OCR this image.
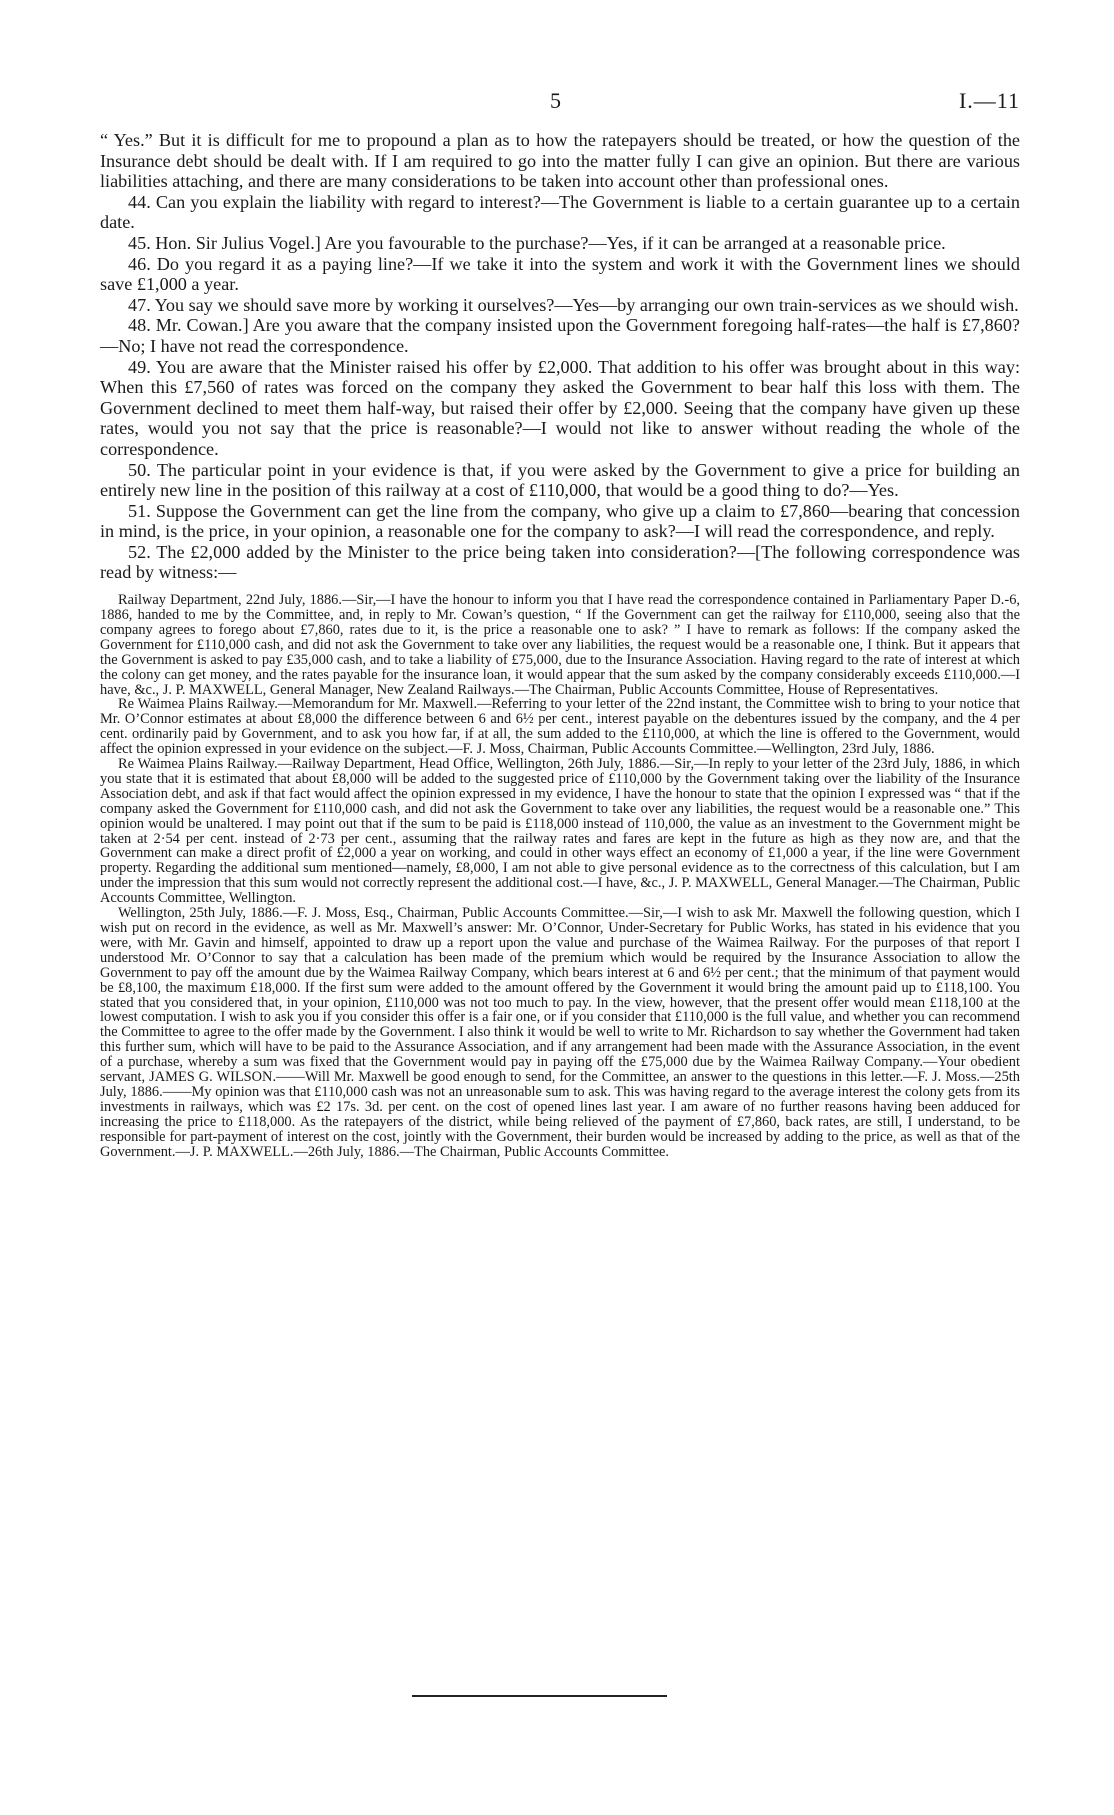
5	I.—11

“ Yes.” But it is difficult for me to propound a plan as to how the ratepayers should be treated, or how the question of the Insurance debt should be dealt with. If I am required to go into the matter fully I can give an opinion. But there are various liabilities attaching, and there are many considerations to be taken into account other than professional ones.

44. Can you explain the liability with regard to interest?—The Government is liable to a certain guarantee up to a certain date.

45. Hon. Sir Julius Vogel.] Are you favourable to the purchase?—Yes, if it can be arranged at a reasonable price.

46. Do you regard it as a paying line?—If we take it into the system and work it with the Government lines we should save £1,000 a year.

47. You say we should save more by working it ourselves?—Yes—by arranging our own train-services as we should wish.

48. Mr. Cowan.] Are you aware that the company insisted upon the Government foregoing half-rates—the half is £7,860?—No; I have not read the correspondence.

49. You are aware that the Minister raised his offer by £2,000. That addition to his offer was brought about in this way: When this £7,560 of rates was forced on the company they asked the Government to bear half this loss with them. The Government declined to meet them half-way, but raised their offer by £2,000. Seeing that the company have given up these rates, would you not say that the price is reasonable?—I would not like to answer without reading the whole of the correspondence.

50. The particular point in your evidence is that, if you were asked by the Government to give a price for building an entirely new line in the position of this railway at a cost of £110,000, that would be a good thing to do?—Yes.

51. Suppose the Government can get the line from the company, who give up a claim to £7,860—bearing that concession in mind, is the price, in your opinion, a reasonable one for the company to ask?—I will read the correspondence, and reply.

52. The £2,000 added by the Minister to the price being taken into consideration?—[The following correspondence was read by witness:—

Railway Department, 22nd July, 1886.—Sir,—I have the honour to inform you that I have read the correspondence contained in Parliamentary Paper D.-6, 1886, handed to me by the Committee, and, in reply to Mr. Cowan’s question, “ If the Government can get the railway for £110,000, seeing also that the company agrees to forego about £7,860, rates due to it, is the price a reasonable one to ask? ” I have to remark as follows: If the company asked the Government for £110,000 cash, and did not ask the Government to take over any liabilities, the request would be a reasonable one, I think. But it appears that the Government is asked to pay £35,000 cash, and to take a liability of £75,000, due to the Insurance Association. Having regard to the rate of interest at which the colony can get money, and the rates payable for the insurance loan, it would appear that the sum asked by the company considerably exceeds £110,000.—I have, &c., J. P. MAXWELL, General Manager, New Zealand Railways.—The Chairman, Public Accounts Committee, House of Representatives.

Re Waimea Plains Railway.—Memorandum for Mr. Maxwell.—Referring to your letter of the 22nd instant, the Committee wish to bring to your notice that Mr. O’Connor estimates at about £8,000 the difference between 6 and 6½ per cent., interest payable on the debentures issued by the company, and the 4 per cent. ordinarily paid by Government, and to ask you how far, if at all, the sum added to the £110,000, at which the line is offered to the Government, would affect the opinion expressed in your evidence on the subject.—F. J. Moss, Chairman, Public Accounts Committee.—Wellington, 23rd July, 1886.

Re Waimea Plains Railway.—Railway Department, Head Office, Wellington, 26th July, 1886.—Sir,—In reply to your letter of the 23rd July, 1886, in which you state that it is estimated that about £8,000 will be added to the suggested price of £110,000 by the Government taking over the liability of the Insurance Association debt, and ask if that fact would affect the opinion expressed in my evidence, I have the honour to state that the opinion I expressed was “ that if the company asked the Government for £110,000 cash, and did not ask the Government to take over any liabilities, the request would be a reasonable one.” This opinion would be unaltered. I may point out that if the sum to be paid is £118,000 instead of 110,000, the value as an investment to the Government might be taken at 2·54 per cent. instead of 2·73 per cent., assuming that the railway rates and fares are kept in the future as high as they now are, and that the Government can make a direct profit of £2,000 a year on working, and could in other ways effect an economy of £1,000 a year, if the line were Government property. Regarding the additional sum mentioned—namely, £8,000, I am not able to give personal evidence as to the correctness of this calculation, but I am under the impression that this sum would not correctly represent the additional cost.—I have, &c., J. P. MAXWELL, General Manager.—The Chairman, Public Accounts Committee, Wellington.

Wellington, 25th July, 1886.—F. J. Moss, Esq., Chairman, Public Accounts Committee.—Sir,—I wish to ask Mr. Maxwell the following question, which I wish put on record in the evidence, as well as Mr. Maxwell’s answer: Mr. O’Connor, Under-Secretary for Public Works, has stated in his evidence that you were, with Mr. Gavin and himself, appointed to draw up a report upon the value and purchase of the Waimea Railway. For the purposes of that report I understood Mr. O’Connor to say that a calculation has been made of the premium which would be required by the Insurance Association to allow the Government to pay off the amount due by the Waimea Railway Company, which bears interest at 6 and 6½ per cent.; that the minimum of that payment would be £8,100, the maximum £18,000. If the first sum were added to the amount offered by the Government it would bring the amount paid up to £118,100. You stated that you considered that, in your opinion, £110,000 was not too much to pay. In the view, however, that the present offer would mean £118,100 at the lowest computation. I wish to ask you if you consider this offer is a fair one, or if you consider that £110,000 is the full value, and whether you can recommend the Committee to agree to the offer made by the Government. I also think it would be well to write to Mr. Richardson to say whether the Government had taken this further sum, which will have to be paid to the Assurance Association, and if any arrangement had been made with the Assurance Association, in the event of a purchase, whereby a sum was fixed that the Government would pay in paying off the £75,000 due by the Waimea Railway Company.—Your obedient servant, JAMES G. WILSON.——Will Mr. Maxwell be good enough to send, for the Committee, an answer to the questions in this letter.—F. J. Moss.—25th July, 1886.——My opinion was that £110,000 cash was not an unreasonable sum to ask. This was having regard to the average interest the colony gets from its investments in railways, which was £2 17s. 3d. per cent. on the cost of opened lines last year. I am aware of no further reasons having been adduced for increasing the price to £118,000. As the ratepayers of the district, while being relieved of the payment of £7,860, back rates, are still, I understand, to be responsible for part-payment of interest on the cost, jointly with the Government, their burden would be increased by adding to the price, as well as that of the Government.—J. P. MAXWELL.—26th July, 1886.—The Chairman, Public Accounts Committee.
